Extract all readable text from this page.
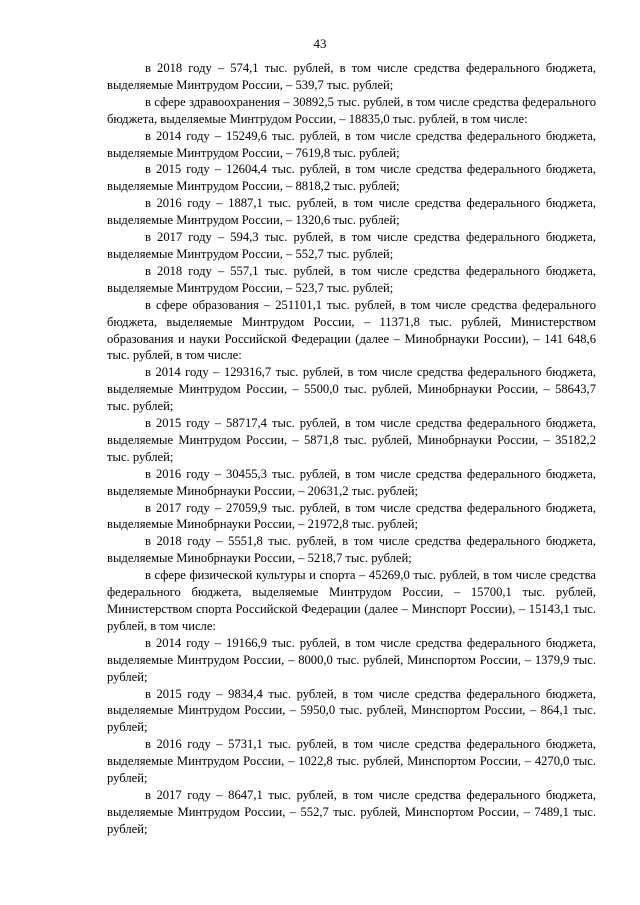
43

в 2018 году – 574,1 тыс. рублей, в том числе средства федерального бюджета, выделяемые Минтрудом России, – 539,7 тыс. рублей;

в сфере здравоохранения – 30892,5 тыс. рублей, в том числе средства федерального бюджета, выделяемые Минтрудом России, – 18835,0 тыс. рублей, в том числе:

в 2014 году – 15249,6 тыс. рублей, в том числе средства федерального бюджета, выделяемые Минтрудом России, – 7619,8 тыс. рублей;

в 2015 году – 12604,4 тыс. рублей, в том числе средства федерального бюджета, выделяемые Минтрудом России, – 8818,2 тыс. рублей;

в 2016 году – 1887,1 тыс. рублей, в том числе средства федерального бюджета, выделяемые Минтрудом России, – 1320,6 тыс. рублей;

в 2017 году – 594,3 тыс. рублей, в том числе средства федерального бюджета, выделяемые Минтрудом России, – 552,7 тыс. рублей;

в 2018 году – 557,1 тыс. рублей, в том числе средства федерального бюджета, выделяемые Минтрудом России, – 523,7 тыс. рублей;

в сфере образования – 251101,1 тыс. рублей, в том числе средства федерального бюджета, выделяемые Минтрудом России, – 11371,8 тыс. рублей, Министерством образования и науки Российской Федерации (далее – Минобрнауки России), – 141 648,6 тыс. рублей, в том числе:

в 2014 году – 129316,7 тыс. рублей, в том числе средства федерального бюджета, выделяемые Минтрудом России, – 5500,0 тыс. рублей, Минобрнауки России, – 58643,7 тыс. рублей;

в 2015 году – 58717,4 тыс. рублей, в том числе средства федерального бюджета, выделяемые Минтрудом России, – 5871,8 тыс. рублей, Минобрнауки России, – 35182,2 тыс. рублей;

в 2016 году – 30455,3 тыс. рублей, в том числе средства федерального бюджета, выделяемые Минобрнауки России, – 20631,2 тыс. рублей;

в 2017 году – 27059,9 тыс. рублей, в том числе средства федерального бюджета, выделяемые Минобрнауки России, – 21972,8 тыс. рублей;

в 2018 году – 5551,8 тыс. рублей, в том числе средства федерального бюджета, выделяемые Минобрнауки России, – 5218,7 тыс. рублей;

в сфере физической культуры и спорта – 45269,0 тыс. рублей, в том числе средства федерального бюджета, выделяемые Минтрудом России, – 15700,1 тыс. рублей, Министерством спорта Российской Федерации (далее – Минспорт России), – 15143,1 тыс. рублей, в том числе:

в 2014 году – 19166,9 тыс. рублей, в том числе средства федерального бюджета, выделяемые Минтрудом России, – 8000,0 тыс. рублей, Минспортом России, – 1379,9 тыс. рублей;

в 2015 году – 9834,4 тыс. рублей, в том числе средства федерального бюджета, выделяемые Минтрудом России, – 5950,0 тыс. рублей, Минспортом России, – 864,1 тыс. рублей;

в 2016 году – 5731,1 тыс. рублей, в том числе средства федерального бюджета, выделяемые Минтрудом России, – 1022,8 тыс. рублей, Минспортом России, – 4270,0 тыс. рублей;

в 2017 году – 8647,1 тыс. рублей, в том числе средства федерального бюджета, выделяемые Минтрудом России, – 552,7 тыс. рублей, Минспортом России, – 7489,1 тыс. рублей;
